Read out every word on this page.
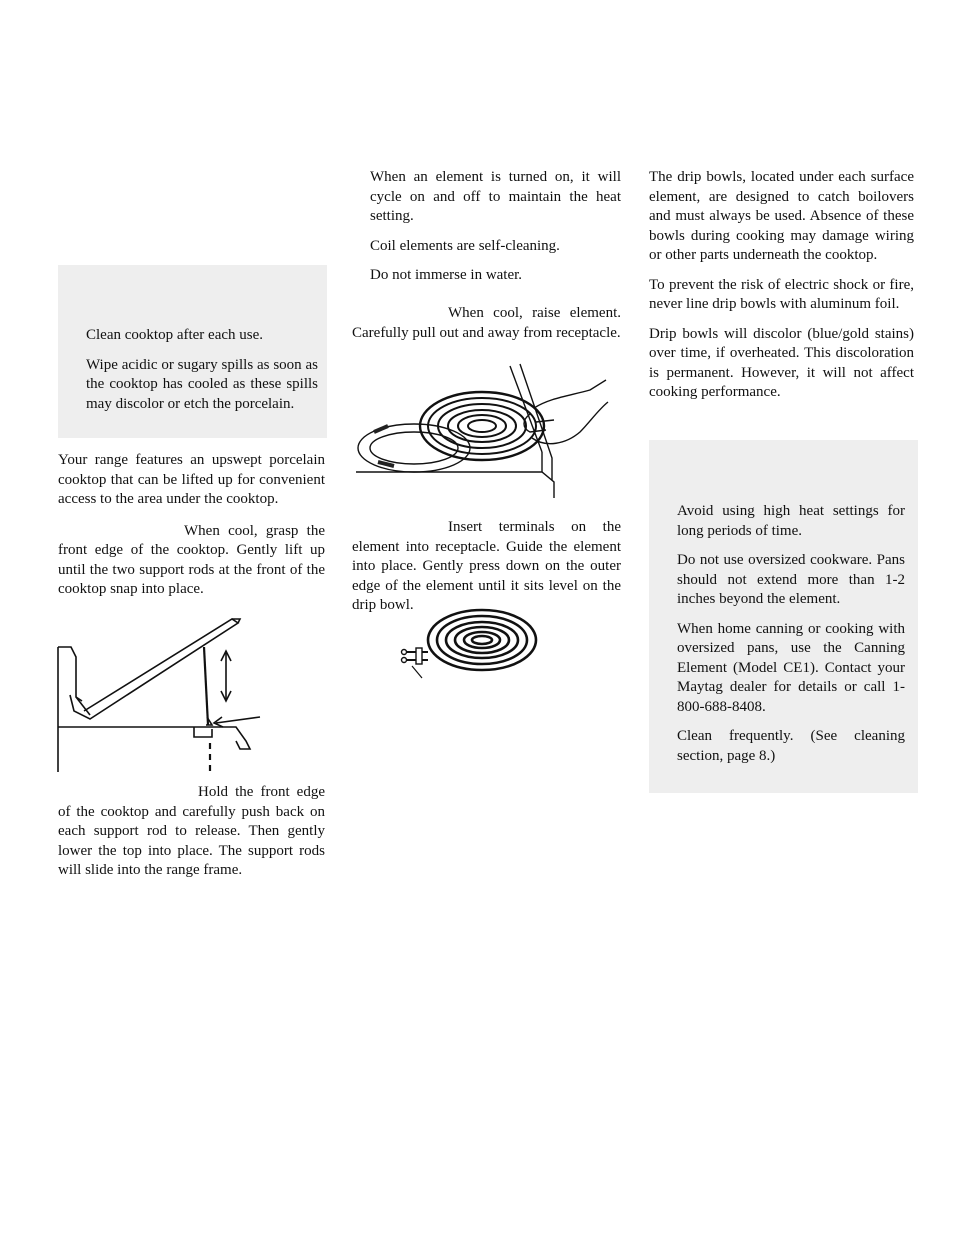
Clean cooktop after each use.

Wipe acidic or sugary spills as soon as the cooktop has cooled as these spills may discolor or etch the porcelain.

Your range features an upswept porcelain cooktop that can be lifted up for convenient access to the area under the cooktop.

When cool, grasp the front edge of the cooktop. Gently lift up until the two support rods at the front of the cooktop snap into place.

Hold the front edge of the cooktop and carefully push back on each support rod to release. Then gently lower the top into place. The support rods will slide into the range frame.

When an element is turned on, it will cycle on and off to maintain the heat setting.

Coil elements are self-cleaning.

Do not immerse in water.

When cool, raise element. Carefully pull out and away from receptacle.

Insert terminals on the element into receptacle. Guide the element into place. Gently press down on the outer edge of the element until it sits level on the drip bowl.

The drip bowls, located under each surface element, are designed to catch boilovers and must always be used. Absence of these bowls during cooking may damage wiring or other parts underneath the cooktop.

To prevent the risk of electric shock or fire, never line drip bowls with aluminum foil.

Drip bowls will discolor (blue/gold stains) over time, if overheated. This discoloration is permanent. However, it will not affect cooking performance.

Avoid using high heat settings for long periods of time.

Do not use oversized cookware. Pans should not extend more than 1-2 inches beyond the element.

When home canning or cooking with oversized pans, use the Canning Element (Model CE1). Contact your Maytag dealer for details or call 1-800-688-8408.

Clean frequently. (See cleaning section, page 8.)
